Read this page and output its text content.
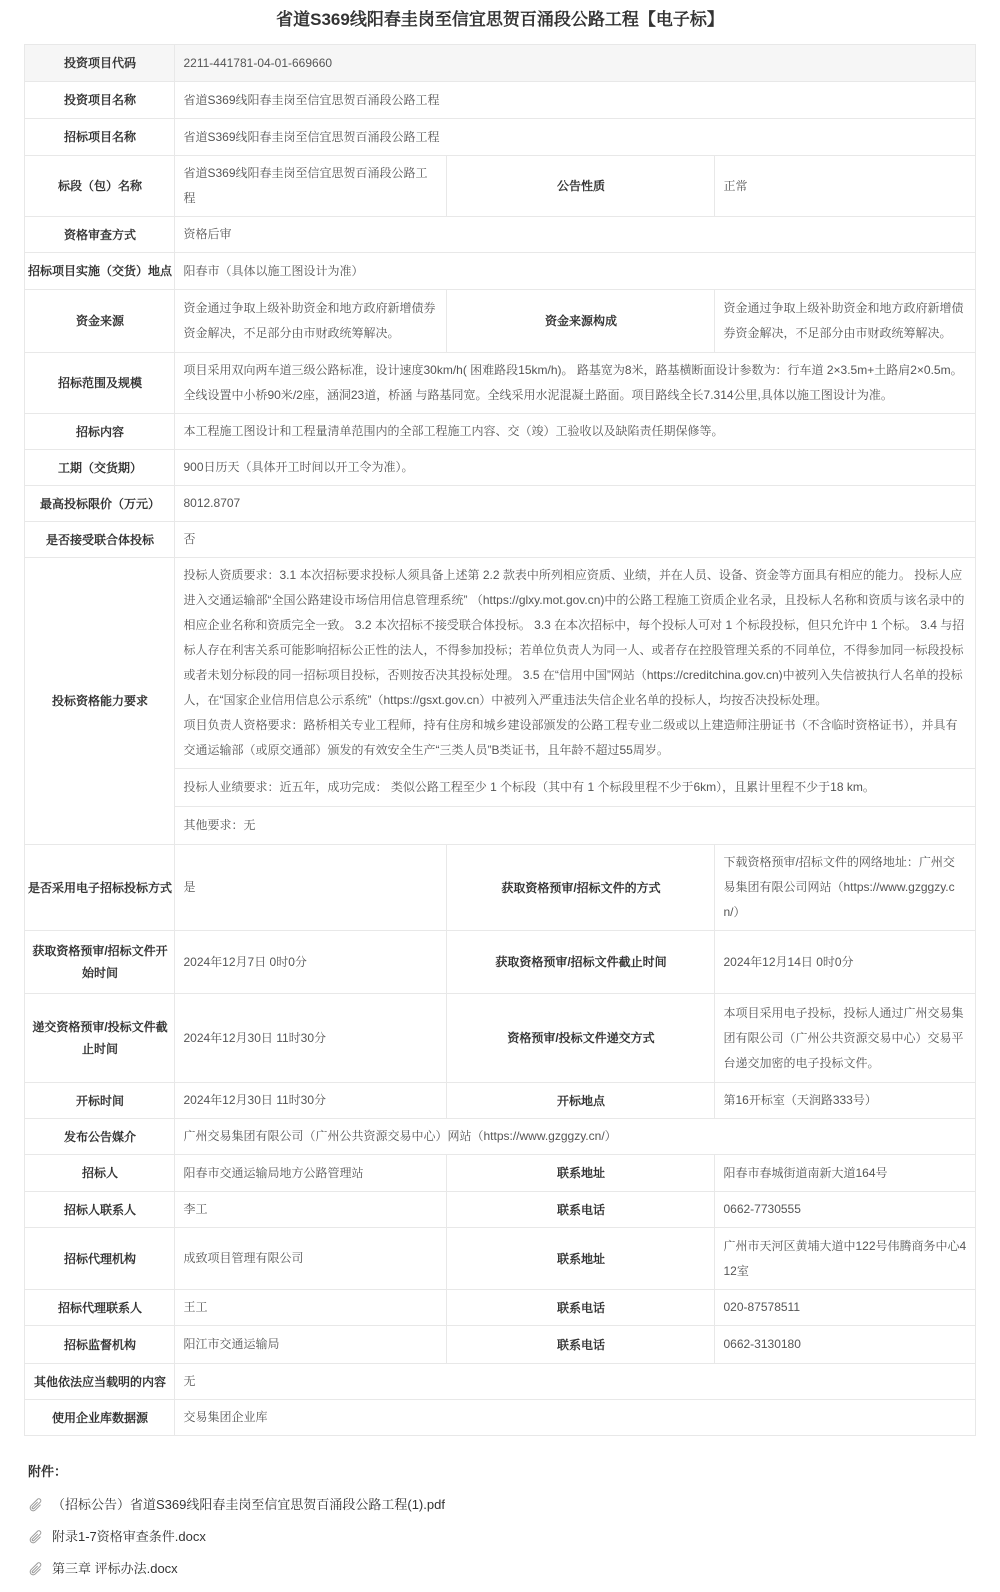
省道S369线阳春圭岗至信宜思贺百涌段公路工程【电子标】
投资项目代码	2211-441781-04-01-669660		
投资项目名称	省道S369线阳春圭岗至信宜思贺百涌段公路工程		
招标项目名称	省道S369线阳春圭岗至信宜思贺百涌段公路工程		
标段（包）名称	省道S369线阳春圭岗至信宜思贺百涌段公路工程	公告性质	正常
资格审查方式	资格后审		
招标项目实施（交货）地点	阳春市（具体以施工图设计为准）		
资金来源	资金通过争取上级补助资金和地方政府新增债券资金解决，不足部分由市财政统筹解决。	资金来源构成	资金通过争取上级补助资金和地方政府新增债券资金解决，不足部分由市财政统筹解决。
招标范围及规模	项目采用双向两车道三级公路标准，设计速度30km/h( 困难路段15km/h)。 路基宽为8米，路基横断面设计参数为：行车道 2×3.5m+土路肩2×0.5m。全线设置中小桥90米/2座，涵洞23道，桥涵 与路基同宽。全线采用水泥混凝土路面。项目路线全长7.314公里,具体以施工图设计为准。		
招标内容	本工程施工图设计和工程量清单范围内的全部工程施工内容、交（竣）工验收以及缺陷责任期保修等。		
工期（交货期）	900日历天（具体开工时间以开工令为准）。		
最高投标限价（万元）	8012.8707		
是否接受联合体投标	否		
投标资格能力要求	投标人资质要求：3.1 本次招标要求投标人须具备上述第 2.2 款表中所列相应资质、业绩，并在人员、设备、资金等方面具有相应的能力。 投标人应进入交通运输部“全国公路建设市场信用信息管理系统” （https://glxy.mot.gov.cn)中的公路工程施工资质企业名录，且投标人名称和资质与该名录中的相应企业名称和资质完全一致。 3.2 本次招标不接受联合体投标。 3.3 在本次招标中，每个投标人可对 1 个标段投标，但只允许中 1 个标。 3.4 与招标人存在利害关系可能影响招标公正性的法人，不得参加投标；若单位负责人为同一人、或者存在控股管理关系的不同单位，不得参加同一标段投标或者未划分标段的同一招标项目投标，否则按否决其投标处理。 3.5 在“信用中国”网站（https://creditchina.gov.cn)中被列入失信被执行人名单的投标人，在“国家企业信用信息公示系统”（https://gsxt.gov.cn）中被列入严重违法失信企业名单的投标人，均按否决投标处理。

项目负责人资格要求：路桥相关专业工程师，持有住房和城乡建设部颁发的公路工程专业二级或以上建造师注册证书（不含临时资格证书），并具有交通运输部（或原交通部）颁发的有效安全生产“三类人员”B类证书，且年龄不超过55周岁。		

	投标人业绩要求：近五年，成功完成： 类似公路工程至少 1 个标段（其中有 1 个标段里程不少于6km），且累计里程不少于18 km。		
	其他要求：无		
是否采用电子招标投标方式	是	获取资格预审/招标文件的方式	下载资格预审/招标文件的网络地址：广州交易集团有限公司网站（https://www.gzggzy.cn/）
获取资格预审/招标文件开始时间	2024年12月7日 0时0分	获取资格预审/招标文件截止时间	2024年12月14日 0时0分
递交资格预审/投标文件截止时间	2024年12月30日 11时30分	资格预审/投标文件递交方式	本项目采用电子投标，投标人通过广州交易集团有限公司（广州公共资源交易中心）交易平台递交加密的电子投标文件。
开标时间	2024年12月30日 11时30分	开标地点	第16开标室（天润路333号）
发布公告媒介	广州交易集团有限公司（广州公共资源交易中心）网站（https://www.gzggzy.cn/）		
招标人	阳春市交通运输局地方公路管理站	联系地址	阳春市春城街道南新大道164号
招标人联系人	李工	联系电话	0662-7730555
招标代理机构	成致项目管理有限公司	联系地址	广州市天河区黄埔大道中122号伟腾商务中心412室
招标代理联系人	王工	联系电话	020-87578511
招标监督机构	阳江市交通运输局	联系电话	0662-3130180
其他依法应当载明的内容	无		
使用企业库数据源	交易集团企业库		
附件：
（招标公告）省道S369线阳春圭岗至信宜思贺百涌段公路工程(1).pdf
附录1-7资格审查条件.docx
第三章 评标办法.docx
